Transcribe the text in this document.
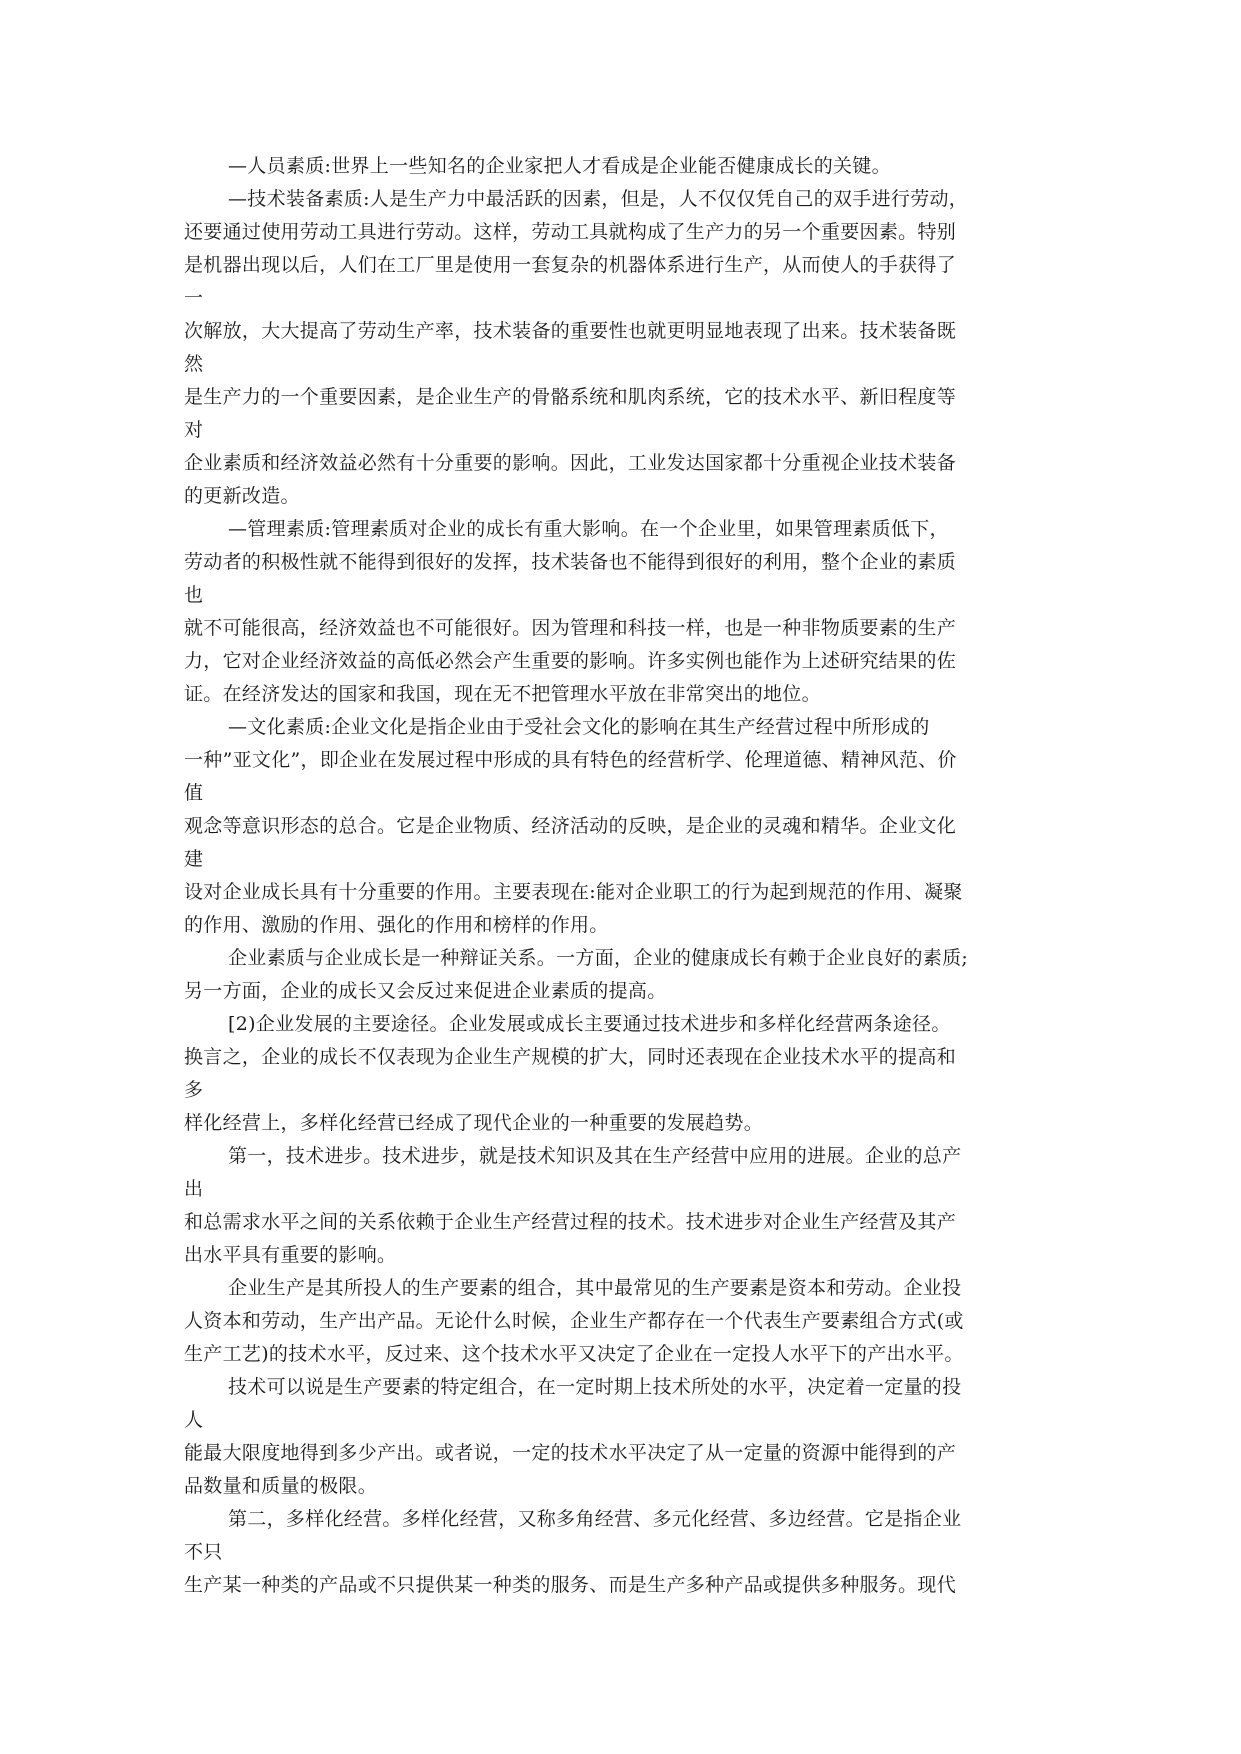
—人员素质:世界上一些知名的企业家把人才看成是企业能否健康成长的关键。
—技术装备素质:人是生产力中最活跃的因素，但是，人不仅仅凭自己的双手进行劳动，
还要通过使用劳动工具进行劳动。这样，劳动工具就构成了生产力的另一个重要因素。特别
是机器出现以后，人们在工厂里是使用一套复杂的机器体系进行生产，从而使人的手获得了
一
次解放，大大提高了劳动生产率，技术装备的重要性也就更明显地表现了出来。技术装备既
然
是生产力的一个重要因素，是企业生产的骨骼系统和肌肉系统，它的技术水平、新旧程度等
对
企业素质和经济效益必然有十分重要的影响。因此，工业发达国家都十分重视企业技术装备
的更新改造。
—管理素质:管理素质对企业的成长有重大影响。在一个企业里，如果管理素质低下，
劳动者的积极性就不能得到很好的发挥，技术装备也不能得到很好的利用，整个企业的素质
也
就不可能很高，经济效益也不可能很好。因为管理和科技一样，也是一种非物质要素的生产
力，它对企业经济效益的高低必然会产生重要的影响。许多实例也能作为上述研究结果的佐
证。在经济发达的国家和我国，现在无不把管理水平放在非常突出的地位。
—文化素质:企业文化是指企业由于受社会文化的影响在其生产经营过程中所形成的
一种”亚文化”，即企业在发展过程中形成的具有特色的经营析学、伦理道德、精神风范、价
值
观念等意识形态的总合。它是企业物质、经济活动的反映，是企业的灵魂和精华。企业文化
建
设对企业成长具有十分重要的作用。主要表现在:能对企业职工的行为起到规范的作用、凝聚
的作用、激励的作用、强化的作用和榜样的作用。
企业素质与企业成长是一种辩证关系。一方面，企业的健康成长有赖于企业良好的素质;
另一方面，企业的成长又会反过来促进企业素质的提高。
[2)企业发展的主要途径。企业发展或成长主要通过技术进步和多样化经营两条途径。
换言之，企业的成长不仅表现为企业生产规模的扩大，同时还表现在企业技术水平的提高和
多
样化经营上，多样化经营已经成了现代企业的一种重要的发展趋势。
第一，技术进步。技术进步，就是技术知识及其在生产经营中应用的进展。企业的总产
出
和总需求水平之间的关系依赖于企业生产经营过程的技术。技术进步对企业生产经营及其产
出水平具有重要的影响。
企业生产是其所投人的生产要素的组合，其中最常见的生产要素是资本和劳动。企业投
人资本和劳动，生产出产品。无论什么时候，企业生产都存在一个代表生产要素组合方式(或
生产工艺)的技术水平，反过来、这个技术水平又决定了企业在一定投人水平下的产出水平。
技术可以说是生产要素的特定组合，在一定时期上技术所处的水平，决定着一定量的投
人
能最大限度地得到多少产出。或者说，一定的技术水平决定了从一定量的资源中能得到的产
品数量和质量的极限。
第二，多样化经营。多样化经营，又称多角经营、多元化经营、多边经营。它是指企业
不只
生产某一种类的产品或不只提供某一种类的服务、而是生产多种产品或提供多种服务。现代
